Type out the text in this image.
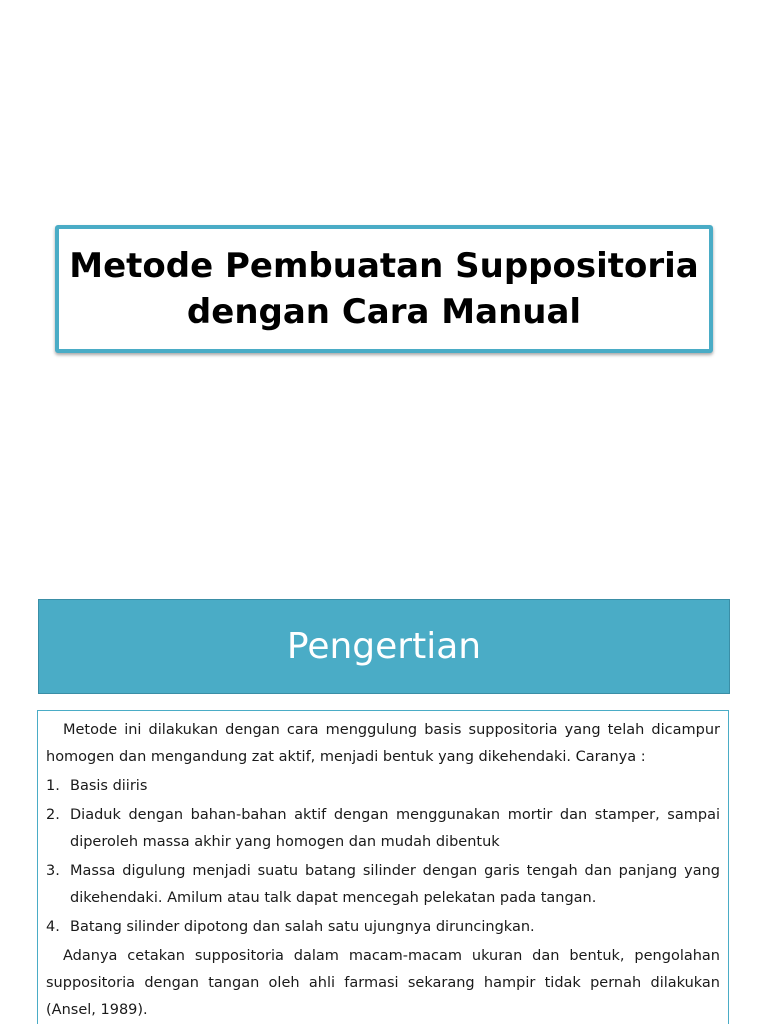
Metode Pembuatan Suppositoria
dengan Cara Manual
Pengertian

Metode ini dilakukan dengan cara menggulung basis suppositoria yang telah dicampur homogen dan mengandung zat aktif, menjadi bentuk yang dikehendaki. Caranya :

1. Basis diiris
2. Diaduk dengan bahan-bahan aktif dengan menggunakan mortir dan stamper, sampai diperoleh massa akhir yang homogen dan mudah dibentuk
3. Massa digulung menjadi suatu batang silinder dengan garis tengah dan panjang yang dikehendaki. Amilum atau talk dapat mencegah pelekatan pada tangan.
4. Batang silinder dipotong dan salah satu ujungnya diruncingkan.

Adanya cetakan suppositoria dalam macam-macam ukuran dan bentuk, pengolahan suppositoria dengan tangan oleh ahli farmasi sekarang hampir tidak pernah dilakukan (Ansel, 1989).
